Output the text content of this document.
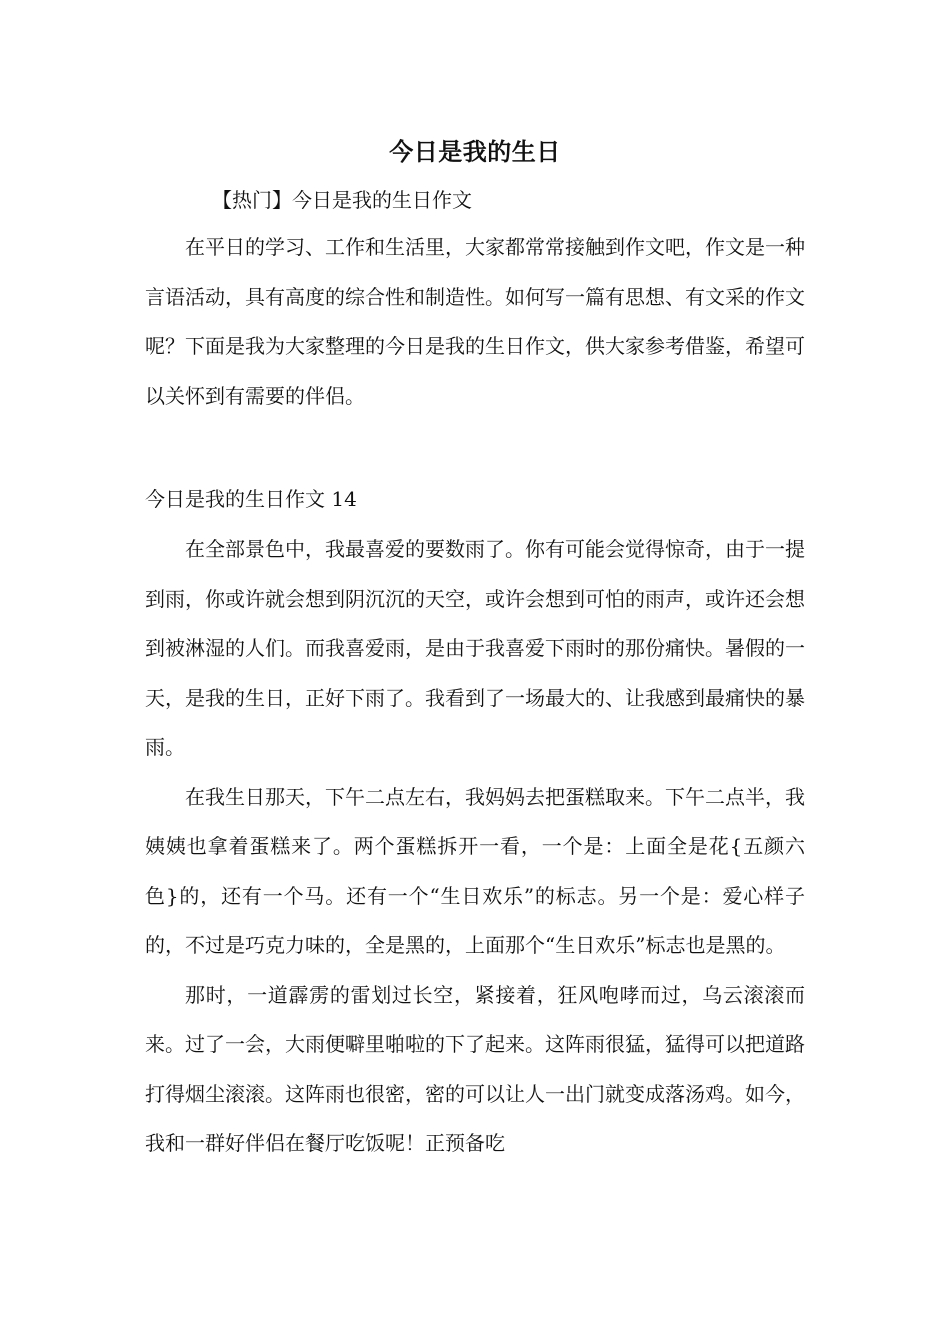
今日是我的生日
【热门】今日是我的生日作文

在平日的学习、工作和生活里，大家都常常接触到作文吧，作文是一种言语活动，具有高度的综合性和制造性。如何写一篇有思想、有文采的作文呢？下面是我为大家整理的今日是我的生日作文，供大家参考借鉴，希望可以关怀到有需要的伴侣。

今日是我的生日作文 14

在全部景色中，我最喜爱的要数雨了。你有可能会觉得惊奇，由于一提到雨，你或许就会想到阴沉沉的天空，或许会想到可怕的雨声，或许还会想到被淋湿的人们。而我喜爱雨，是由于我喜爱下雨时的那份痛快。暑假的一天，是我的生日，正好下雨了。我看到了一场最大的、让我感到最痛快的暴雨。

在我生日那天，下午二点左右，我妈妈去把蛋糕取来。下午二点半，我姨姨也拿着蛋糕来了。两个蛋糕拆开一看，一个是：上面全是花{五颜六色}的，还有一个马。还有一个“生日欢乐”的标志。另一个是：爱心样子的，不过是巧克力味的，全是黑的，上面那个“生日欢乐”标志也是黑的。

那时，一道霹雳的雷划过长空，紧接着，狂风咆哮而过，乌云滚滚而来。过了一会，大雨便噼里啪啦的下了起来。这阵雨很猛，猛得可以把道路打得烟尘滚滚。这阵雨也很密，密的可以让人一出门就变成落汤鸡。如今，我和一群好伴侣在餐厅吃饭呢！正预备吃
